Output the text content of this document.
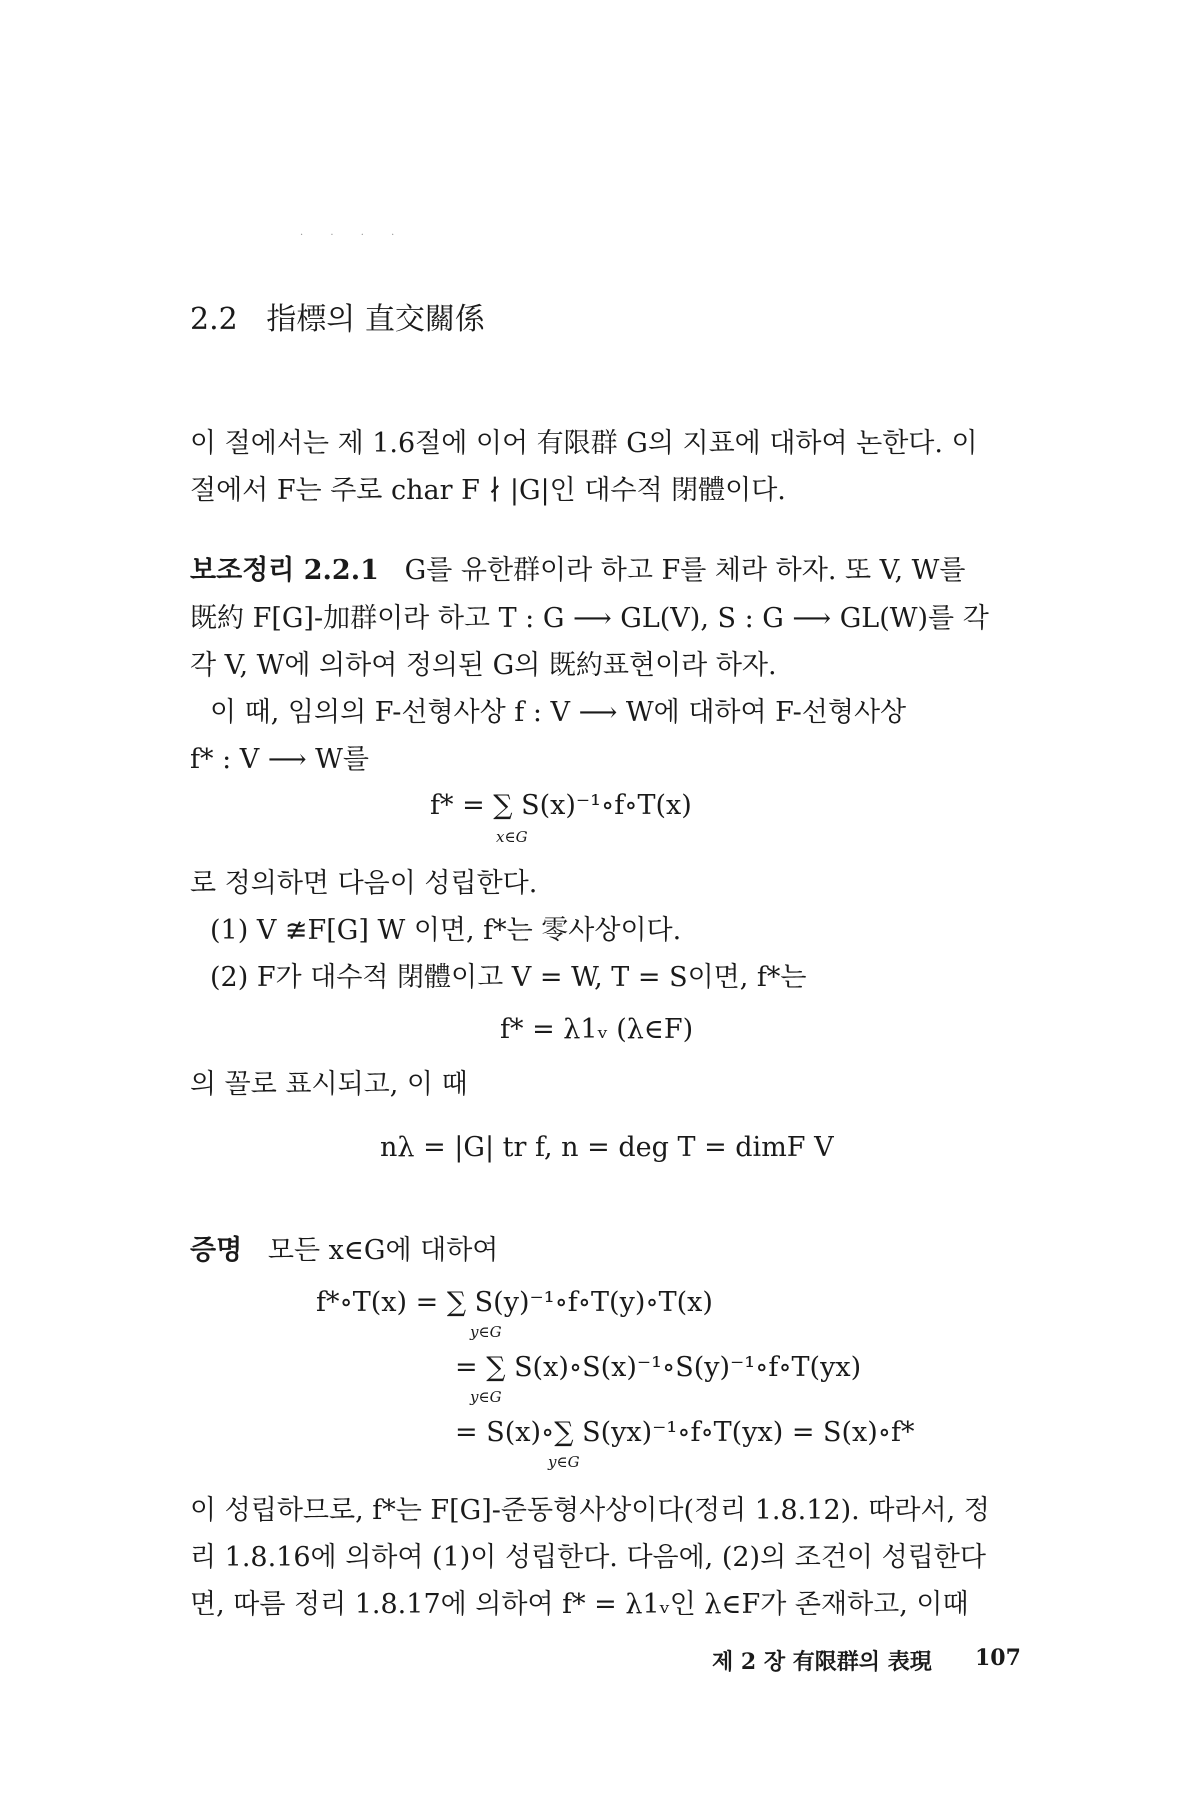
· · · ·
2.2 指標의 直交關係
이 절에서는 제 1.6절에 이어 有限群 G의 지표에 대하여 논한다. 이
절에서 F는 주로 char F ∤ |G|인 대수적 閉體이다.
보조정리 2.2.1 G를 유한群이라 하고 F를 체라 하자. 또 V, W를
既約 F[G]-加群이라 하고 T : G ⟶ GL(V), S : G ⟶ GL(W)를 각
각 V, W에 의하여 정의된 G의 既約표현이라 하자.
이 때, 임의의 F-선형사상 f : V ⟶ W에 대하여 F-선형사상
f* : V ⟶ W를
f* = ∑ S(x)⁻¹∘f∘T(x)
x∈G
로 정의하면 다음이 성립한다.
(1) V ≇F[G] W 이면, f*는 零사상이다.
(2) F가 대수적 閉體이고 V = W, T = S이면, f*는
f* = λ1ᵥ (λ∈F)
의 꼴로 표시되고, 이 때
nλ = |G| tr f, n = deg T = dimF V
증명 모든 x∈G에 대하여
f*∘T(x) = ∑ S(y)⁻¹∘f∘T(y)∘T(x)
y∈G
= ∑ S(x)∘S(x)⁻¹∘S(y)⁻¹∘f∘T(yx)
y∈G
= S(x)∘∑ S(yx)⁻¹∘f∘T(yx) = S(x)∘f*
y∈G
이 성립하므로, f*는 F[G]-준동형사상이다(정리 1.8.12). 따라서, 정
리 1.8.16에 의하여 (1)이 성립한다. 다음에, (2)의 조건이 성립한다
면, 따름 정리 1.8.17에 의하여 f* = λ1ᵥ인 λ∈F가 존재하고, 이때
제 2 장 有限群의 表現 107
